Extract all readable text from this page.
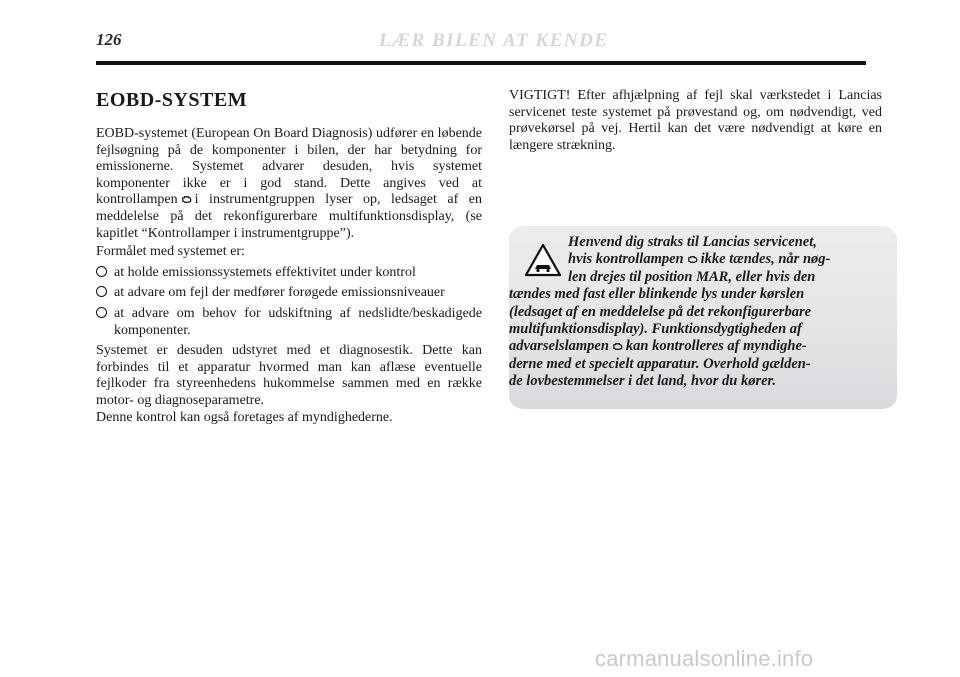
126	LÆR BILEN AT KENDE
EOBD-SYSTEM

EOBD-systemet (European On Board Diagnosis) udfører en løbende fejlsøgning på de komponenter i bilen, der har betydning for emissionerne. Systemet advarer desuden, hvis systemet komponenter ikke er i god stand. Dette angives ved at kontrollampen i instrumentgruppen lyser op, ledsaget af en meddelelse på det rekonfigurerbare multifunktionsdisplay, (se kapitlet “Kontrollamper i instrumentgruppe”).

Formålet med systemet er:

at holde emissionssystemets effektivitet under kontrol
at advare om fejl der medfører forøgede emissionsniveauer
at advare om behov for udskiftning af nedslidte/beskadigede komponenter.

Systemet er desuden udstyret med et diagnosestik. Dette kan forbindes til et apparatur hvormed man kan aflæse eventuelle fejlkoder fra styreenhedens hukommelse sammen med en række motor- og diagnoseparametre.

Denne kontrol kan også foretages af myndighederne.

VIGTIGT! Efter afhjælpning af fejl skal værkstedet i Lancias servicenet teste systemet på prøvestand og, om nødvendigt, ved prøvekørsel på vej. Hertil kan det være nødvendigt at køre en længere strækning.

Henvend dig straks til Lancias servicenet,
hvis kontrollampen ikke tændes, når nøg-
len drejes til position MAR, eller hvis den
tændes med fast eller blinkende lys under kørslen
(ledsaget af en meddelelse på det rekonfigurerbare
multifunktionsdisplay). Funktionsdygtigheden af
advarselslampen kan kontrolleres af myndighe-
derne med et specielt apparatur. Overhold gælden-
de lovbestemmelser i det land, hvor du kører.
carmanualsonline.info
